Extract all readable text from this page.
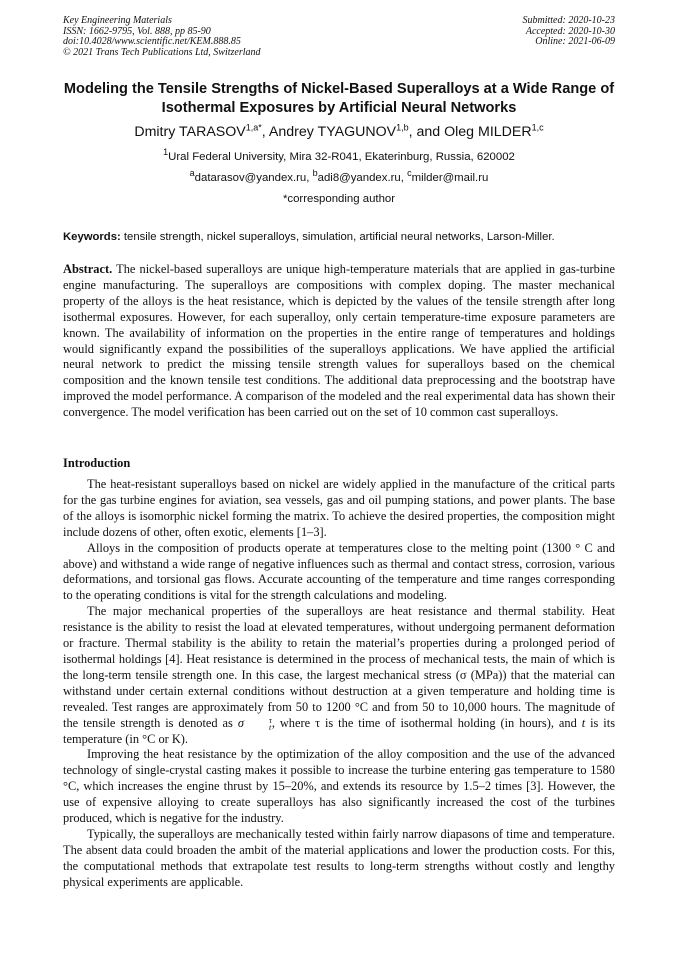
Key Engineering Materials
ISSN: 1662-9795, Vol. 888, pp 85-90
doi:10.4028/www.scientific.net/KEM.888.85
© 2021 Trans Tech Publications Ltd, Switzerland
Submitted: 2020-10-23
Accepted: 2020-10-30
Online: 2021-06-09
Modeling the Tensile Strengths of Nickel-Based Superalloys at a Wide Range of Isothermal Exposures by Artificial Neural Networks
Dmitry $TARASOV^{1,a*}$, Andrey TYAGUNOV$^{1,b}$, and Oleg MILDER$^{1,c}$
$^1$Ural Federal University, Mira 32-R041, Ekaterinburg, Russia, 620002
$^a$datarasov@yandex.ru, $^b$adi8@yandex.ru, $^c$milder@mail.ru
*corresponding author
Keywords: tensile strength, nickel superalloys, simulation, artificial neural networks, Larson-Miller.
Abstract. The nickel-based superalloys are unique high-temperature materials that are applied in gas-turbine engine manufacturing. The superalloys are compositions with complex doping. The master mechanical property of the alloys is the heat resistance, which is depicted by the values of the tensile strength after long isothermal exposures. However, for each superalloy, only certain temperature-time exposure parameters are known. The availability of information on the properties in the entire range of temperatures and holdings would significantly expand the possibilities of the superalloys applications. We have applied the artificial neural network to predict the missing tensile strength values for superalloys based on the chemical composition and the known tensile test conditions. The additional data preprocessing and the bootstrap have improved the model performance. A comparison of the modeled and the real experimental data has shown their convergence. The model verification has been carried out on the set of 10 common cast superalloys.
Introduction

The heat-resistant superalloys based on nickel are widely applied in the manufacture of the critical parts for the gas turbine engines for aviation, sea vessels, gas and oil pumping stations, and power plants. The base of the alloys is isomorphic nickel forming the matrix. To achieve the desired properties, the composition might include dozens of other, often exotic, elements [1–3].

Alloys in the composition of products operate at temperatures close to the melting point (1300 ° C and above) and withstand a wide range of negative influences such as thermal and contact stress, corrosion, various deformations, and torsional gas flows. Accurate accounting of the temperature and time ranges corresponding to the operating conditions is vital for the strength calculations and modeling.

The major mechanical properties of the superalloys are heat resistance and thermal stability. Heat resistance is the ability to resist the load at elevated temperatures, without undergoing permanent deformation or fracture. Thermal stability is the ability to retain the material’s properties during a prolonged period of isothermal holdings [4]. Heat resistance is determined in the process of mechanical tests, the main of which is the long-term tensile strength one. In this case, the largest mechanical stress (σ (MPa)) that the material can withstand under certain external conditions without destruction at a given temperature and holding time is revealed. Test ranges are approximately from 50 to 1200 °C and from 50 to 10,000 hours. The magnitude of the tensile strength is denoted as σ	τ
t , where τ is the time of isothermal holding (in hours), and t is its temperature (in °C or K).

Improving the heat resistance by the optimization of the alloy composition and the use of the advanced technology of single-crystal casting makes it possible to increase the turbine entering gas temperature to 1580 °C, which increases the engine thrust by 15–20%, and extends its resource by 1.5–2 times [3]. However, the use of expensive alloying to create superalloys has also significantly increased the cost of the turbines produced, which is negative for the industry.

Typically, the superalloys are mechanically tested within fairly narrow diapasons of time and temperature. The absent data could broaden the ambit of the material applications and lower the production costs. For this, the computational methods that extrapolate test results to long-term strengths without costly and lengthy physical experiments are applicable.
